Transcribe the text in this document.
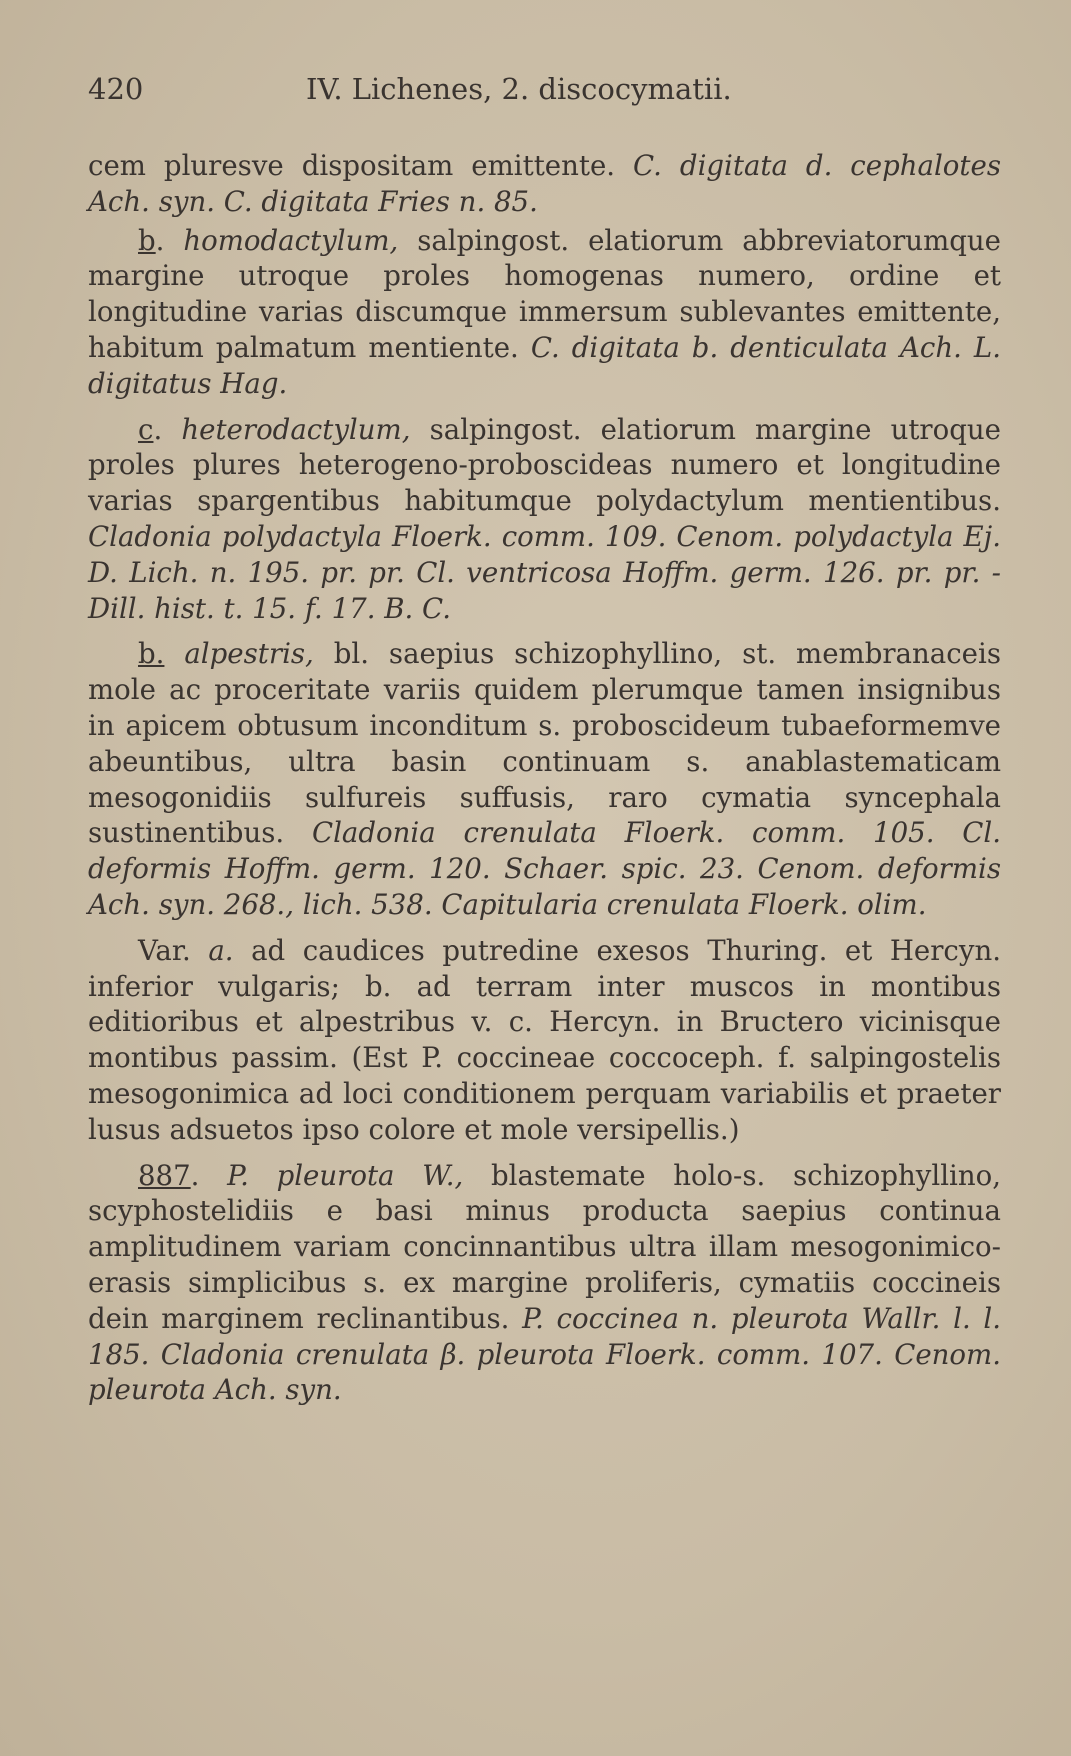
420	IV. Lichenes, 2. discocymatii.

cem pluresve dispositam emittente. C. digitata d. cephalotes Ach. syn. C. digitata Fries n. 85.

b. homodactylum, salpingost. elatiorum abbreviatorumque margine utroque proles homogenas numero, ordine et longitudine varias discumque immersum sublevantes emittente, habitum palmatum mentiente. C. digitata b. denticulata Ach. L. digitatus Hag.

c. heterodactylum, salpingost. elatiorum margine utroque proles plures heterogeno-proboscideas numero et longitudine varias spargentibus habitumque polydactylum mentientibus. Cladonia polydactyla Floerk. comm. 109. Cenom. polydactyla Ej. D. Lich. n. 195. pr. pr. Cl. ventricosa Hoffm. germ. 126. pr. pr. - Dill. hist. t. 15. f. 17. B. C.

b. alpestris, bl. saepius schizophyllino, st. membranaceis mole ac proceritate variis quidem plerumque tamen insignibus in apicem obtusum inconditum s. proboscideum tubaeformemve abeuntibus, ultra basin continuam s. anablastematicam mesogonidiis sulfureis suffusis, raro cymatia syncephala sustinentibus. Cladonia crenulata Floerk. comm. 105. Cl. deformis Hoffm. germ. 120. Schaer. spic. 23. Cenom. deformis Ach. syn. 268., lich. 538. Capitularia crenulata Floerk. olim.

Var. a. ad caudices putredine exesos Thuring. et Hercyn. inferior vulgaris; b. ad terram inter muscos in montibus editioribus et alpestribus v. c. Hercyn. in Bructero vicinisque montibus passim. (Est P. coccineae coccoceph. f. salpingostelis mesogonimica ad loci conditionem perquam variabilis et praeter lusus adsuetos ipso colore et mole versipellis.)

887. P. pleurota W., blastemate holo-s. schizophyllino, scyphostelidiis e basi minus producta saepius continua amplitudinem variam concinnantibus ultra illam mesogonimico-erasis simplicibus s. ex margine proliferis, cymatiis coccineis dein marginem reclinantibus. P. coccinea n. pleurota Wallr. l. l. 185. Cladonia crenulata β. pleurota Floerk. comm. 107. Cenom. pleurota Ach. syn.
